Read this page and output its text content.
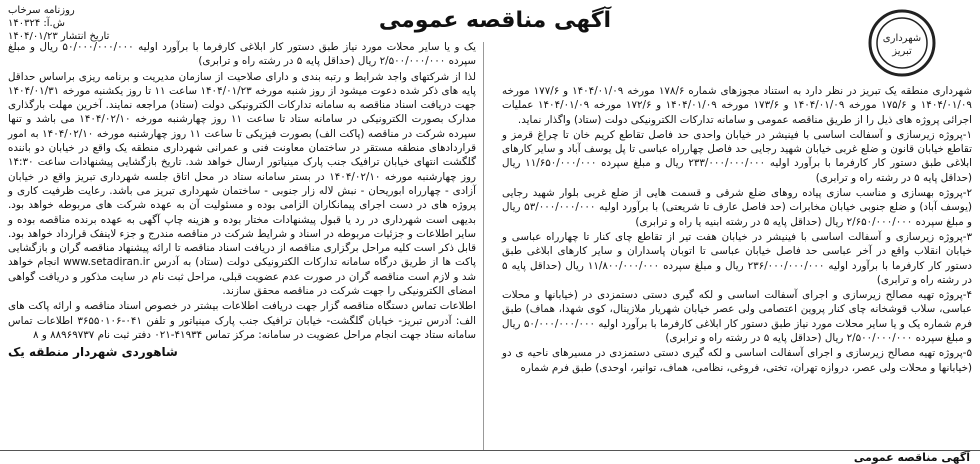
شهرداری
تبریز
آگهی مناقصه عمومی
روزنامه سرخاب
ش.آ: ۱۴۰۳۲۴
تاریخ انتشار ۱۴۰۴/۰۱/۲۳

شهرداری منطقه یک تبریز در نظر دارد به استناد مجوزهای شماره ۱۷۸/۶ مورخه ۱۴۰۴/۰۱/۰۹ و ۱۷۷/۶ مورخه ۱۴۰۴/۰۱/۰۹ و ۱۷۵/۶ مورخه ۱۴۰۴/۰۱/۰۹ و ۱۷۳/۶ مورخه ۱۴۰۴/۰۱/۰۹ و ۱۷۲/۶ مورخه ۱۴۰۴/۰۱/۰۹ عملیات اجرائی پروژه های ذیل را از طریق مناقصه عمومی و سامانه تدارکات الکترونیکی دولت (ستاد) واگذار نماید.

۱-پروژه زیرسازی و آسفالت اساسی با فینیشر در خیابان واحدی حد فاصل تقاطع کریم خان تا چراغ قرمز و تقاطع خیابان قانون و ضلع غربی خیابان شهید رجایی حد فاصل چهارراه عباسی تا پل یوسف آباد و سایر کارهای ابلاغی طبق دستور کار کارفرما با برآورد اولیه ۲۳۳/۰۰۰/۰۰۰/۰۰۰ ریال و مبلغ سپرده ۱۱/۶۵۰/۰۰۰/۰۰۰ ریال (حداقل پایه ۵ در رشته راه و ترابری)

۲-پروژه بهسازی و مناسب سازی پیاده روهای ضلع شرقی و قسمت هایی از ضلع غربی بلوار شهید رجایی (یوسف آباد) و ضلع جنوبی خیابان مخابرات (حد فاصل عارف تا شریعتی) با برآورد اولیه ۵۳/۰۰۰/۰۰۰/۰۰۰ ریال و مبلغ سپرده ۲/۶۵۰/۰۰۰/۰۰۰ ریال (حداقل پایه ۵ در رشته ابنیه یا راه و ترابری)

۳-پروژه زیرسازی و آسفالت اساسی با فینیشر در خیابان هفت تیر از تقاطع چای کنار تا چهارراه عباسی و خیابان انقلاب واقع در آخر عباسی حد فاصل خیابان عباسی تا اتوبان پاسداران و سایر کارهای ابلاغی طبق دستور کار کارفرما با برآورد اولیه ۲۳۶/۰۰۰/۰۰۰/۰۰۰ ریال و مبلغ سپرده ۱۱/۸۰۰/۰۰۰/۰۰۰ ریال (حداقل پایه ۵ در رشته راه و ترابری)

۴-پروژه تهیه مصالح زیرسازی و اجرای آسفالت اساسی و لکه گیری دستی دستمزدی در (خیابانها و محلات عباسی، سلاب قوشخانه چای کنار پروین اعتصامی ولی عصر خیابان شهریار ملازینال، کوی شهدا، هماف) طبق فرم شماره یک و یا سایر محلات مورد نیاز طبق دستور کار ابلاغی کارفرما با برآورد اولیه ۵۰/۰۰۰/۰۰۰/۰۰۰ ریال و مبلغ سپرده ۲/۵۰۰/۰۰۰/۰۰۰ ریال (حداقل پایه ۵ در رشته راه و ترابری)

۵-پروژه تهیه مصالح زیرسازی و اجرای آسفالت اساسی و لکه گیری دستی دستمزدی در مسیرهای ناحیه ی دو (خیابانها و محلات ولی عصر، دروازه تهران، تختی، فروغی، نظامی، هماف، توانیر، اوحدی) طبق فرم شماره

یک و یا سایر محلات مورد نیاز طبق دستور کار ابلاغی کارفرما با برآورد اولیه ۵۰/۰۰۰/۰۰۰/۰۰۰ ریال و مبلغ سپرده ۲/۵۰۰/۰۰۰/۰۰۰ ریال (حداقل پایه ۵ در رشته راه و ترابری)

لذا از شرکتهای واجد شرایط و رتبه بندی و دارای صلاحیت از سازمان مدیریت و برنامه ریزی براساس حداقل پایه های ذکر شده دعوت میشود از روز شنبه مورخه ۱۴۰۴/۰۱/۲۳ ساعت ۱۱ تا روز یکشنبه مورخه ۱۴۰۴/۰۱/۳۱ جهت دریافت اسناد مناقصه به سامانه تدارکات الکترونیکی دولت (ستاد) مراجعه نمایند. آخرین مهلت بارگذاری مدارک بصورت الکترونیکی در سامانه ستاد تا ساعت ۱۱ روز چهارشنبه مورخه ۱۴۰۴/۰۲/۱۰ می باشد و تنها سپرده شرکت در مناقصه (پاکت الف) بصورت فیزیکی تا ساعت ۱۱ روز چهارشنبه مورخه ۱۴۰۴/۰۲/۱۰ به امور قراردادهای منطقه مستقر در ساختمان معاونت فنی و عمرانی شهرداری منطقه یک واقع در خیابان دو باننده گلگشت انتهای خیابان ترافیک جنب پارک مینیاتور ارسال خواهد شد. تاریخ بازگشایی پیشنهادات ساعت ۱۴:۳۰ روز چهارشنبه مورخه ۱۴۰۴/۰۲/۱۰ در بستر سامانه ستاد در محل اتاق جلسه شهرداری تبریز واقع در خیابان آزادی - چهارراه ابوریحان - نبش لاله زار جنوبی - ساختمان شهرداری تبریز می باشد. رعایت ظرفیت کاری و پروژه های در دست اجرای پیمانکاران الزامی بوده و مسئولیت آن به عهده شرکت های مربوطه خواهد بود. بدیهی است شهرداری در رد یا قبول پیشنهادات مختار بوده و هزینه چاپ آگهی به عهده برنده مناقصه بوده و سایر اطلاعات و جزئیات مربوطه در اسناد و شرایط شرکت در مناقصه مندرج و جزء لاینفک قرارداد خواهد بود. قابل ذکر است کلیه مراحل برگزاری مناقصه از دریافت اسناد مناقصه تا ارائه پیشنهاد مناقصه گران و بازگشایی پاکت ها از طریق درگاه سامانه تدارکات الکترونیکی دولت (ستاد) به آدرس www.setadiran.ir انجام خواهد شد و لازم است مناقصه گران در صورت عدم عضویت قبلی، مراحل ثبت نام در سایت مذکور و دریافت گواهی امضای الکترونیکی را جهت شرکت در مناقصه محقق سازند.

اطلاعات تماس دستگاه مناقصه گزار جهت دریافت اطلاعات بیشتر در خصوص اسناد مناقصه و ارائه پاکت های الف: آدرس تبریز- خیابان گلگشت- خیابان ترافیک جنب پارک مینیاتور و تلفن ۰۴۱-۳۶۵۵۰۱۰۶ اطلاعات تماس سامانه ستاد جهت انجام مراحل عضویت در سامانه: مرکز تماس ۴۱۹۳۴-۰۲۱ دفتر ثبت نام ۸۸۹۶۹۷۳۷ و ۸

شاهوردی شهردار منطقه یک
آگهی مناقصه عمومی
